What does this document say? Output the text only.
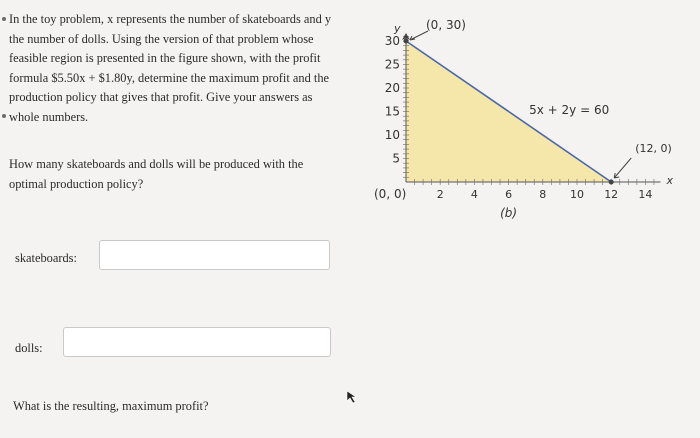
In the toy problem, x represents the number of skateboards and y the number of dolls. Using the version of that problem whose feasible region is presented in the figure shown, with the profit formula $5.50x + $1.80y, determine the maximum profit and the production policy that gives that profit. Give your answers as whole numbers.

2 4 6 8 10 12 14
5
10
15
20
25
30
y
x
(0, 30)
(12, 0)
(0, 0)
5x + 2y = 60
(b)

How many skateboards and dolls will be produced with the optimal production policy?

skateboards:
dolls:
What is the resulting, maximum profit?
